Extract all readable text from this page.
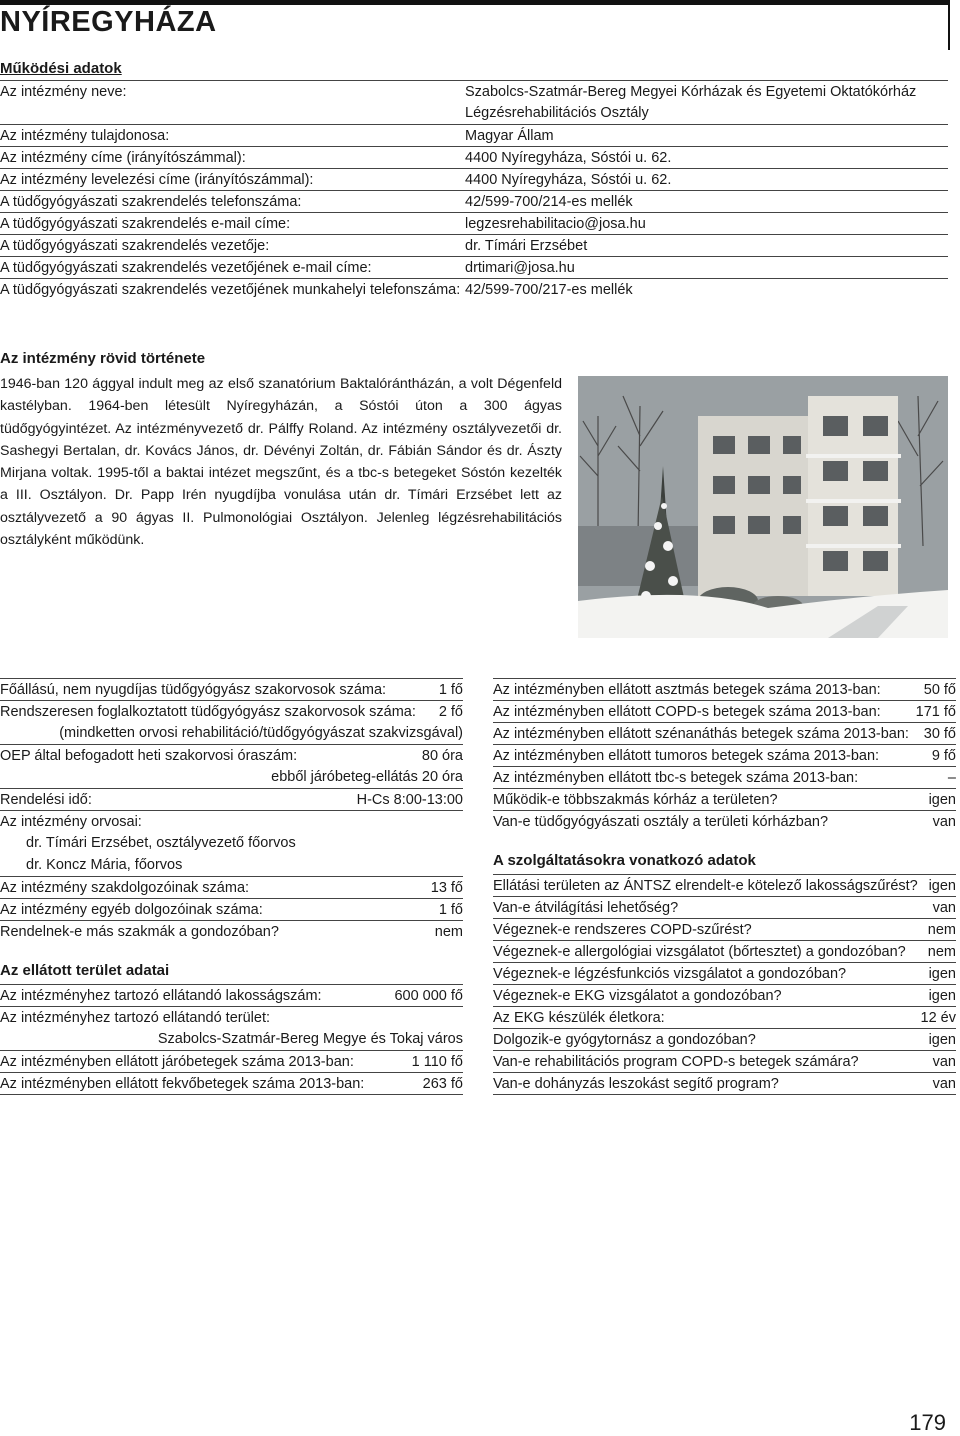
NYÍREGYHÁZA
Működési adatok
Az intézmény neve:	Szabolcs-Szatmár-Bereg Megyei Kórházak és Egyetemi Oktatókórház
Légzésrehabilitációs Osztály
Az intézmény tulajdonosa:	Magyar Állam
Az intézmény címe (irányítószámmal):	4400 Nyíregyháza, Sóstói u. 62.
Az intézmény levelezési címe (irányítószámmal):	4400 Nyíregyháza, Sóstói u. 62.
A tüdőgyógyászati szakrendelés telefonszáma:	42/599-700/214-es mellék
A tüdőgyógyászati szakrendelés e-mail címe:	legzesrehabilitacio@josa.hu
A tüdőgyógyászati szakrendelés vezetője:	dr. Tímári Erzsébet
A tüdőgyógyászati szakrendelés vezetőjének e-mail címe:	drtimari@josa.hu
A tüdőgyógyászati szakrendelés vezetőjének munkahelyi telefonszáma: 42/599-700/217-es mellék
Az intézmény rövid története
1946-ban 120 ággyal indult meg az első szanatórium Baktalórántházán, a volt Dégenfeld kastélyban. 1964-ben létesült Nyíregyházán, a Sóstói úton a 300 ágyas tüdőgyógyintézet. Az intézményvezető dr. Pálffy Roland. Az intézmény osztályvezetői dr. Sashegyi Bertalan, dr. Kovács János, dr. Dévényi Zoltán, dr. Fábián Sándor és dr. Ászty Mirjana voltak. 1995-től a baktai intézet megszűnt, és a tbc-s betegeket Sóstón kezelték a III. Osztályon. Dr. Papp Irén nyugdíjba vonulása után dr. Tímári Erzsébet lett az osztályvezető a 90 ágyas II. Pulmonológiai Osztályon. Jelenleg légzésrehabilitációs osztályként működünk.
Főállású, nem nyugdíjas tüdőgyógyász szakorvosok száma:	1 fő
Rendszeresen foglalkoztatott tüdőgyógyász szakorvosok száma: 2 fő
(mindketten orvosi rehabilitáció/tüdőgyógyászat szakvizsgával)
OEP által befogadott heti szakorvosi óraszám:	80 óra
ebből járóbeteg-ellátás 20 óra
Rendelési idő:	H-Cs 8:00-13:00
Az intézmény orvosai:
dr. Tímári Erzsébet, osztályvezető főorvos
dr. Koncz Mária, főorvos
Az intézmény szakdolgozóinak száma:	13 fő
Az intézmény egyéb dolgozóinak száma:	1 fő
Rendelnek-e más szakmák a gondozóban?	nem
Az ellátott terület adatai
Az intézményhez tartozó ellátandó lakosságszám:	600 000 fő
Az intézményhez tartozó ellátandó terület:
Szabolcs-Szatmár-Bereg Megye és Tokaj város
Az intézményben ellátott járóbetegek száma 2013-ban:	1 110 fő
Az intézményben ellátott fekvőbetegek száma 2013-ban:	263 fő
Az intézményben ellátott asztmás betegek száma 2013-ban:	50 fő
Az intézményben ellátott COPD-s betegek száma 2013-ban: 171 fő
Az intézményben ellátott szénanáthás betegek száma 2013-ban: 30 fő
Az intézményben ellátott tumoros betegek száma 2013-ban:	9 fő
Az intézményben ellátott tbc-s betegek száma 2013-ban:	–
Működik-e többszakmás kórház a területen?	igen
Van-e tüdőgyógyászati osztály a területi kórházban?	van
A szolgáltatásokra vonatkozó adatok
Ellátási területen az ÁNTSZ elrendelt-e kötelező lakosságszűrést? igen
Van-e átvilágítási lehetőség?	van
Végeznek-e rendszeres COPD-szűrést?	nem
Végeznek-e allergológiai vizsgálatot (bőrtesztet) a gondozóban? nem
Végeznek-e légzésfunkciós vizsgálatot a gondozóban?	igen
Végeznek-e EKG vizsgálatot a gondozóban?	igen
Az EKG készülék életkora:	12 év
Dolgozik-e gyógytornász a gondozóban?	igen
Van-e rehabilitációs program COPD-s betegek számára?	van
Van-e dohányzás leszokást segítő program?	van
179
